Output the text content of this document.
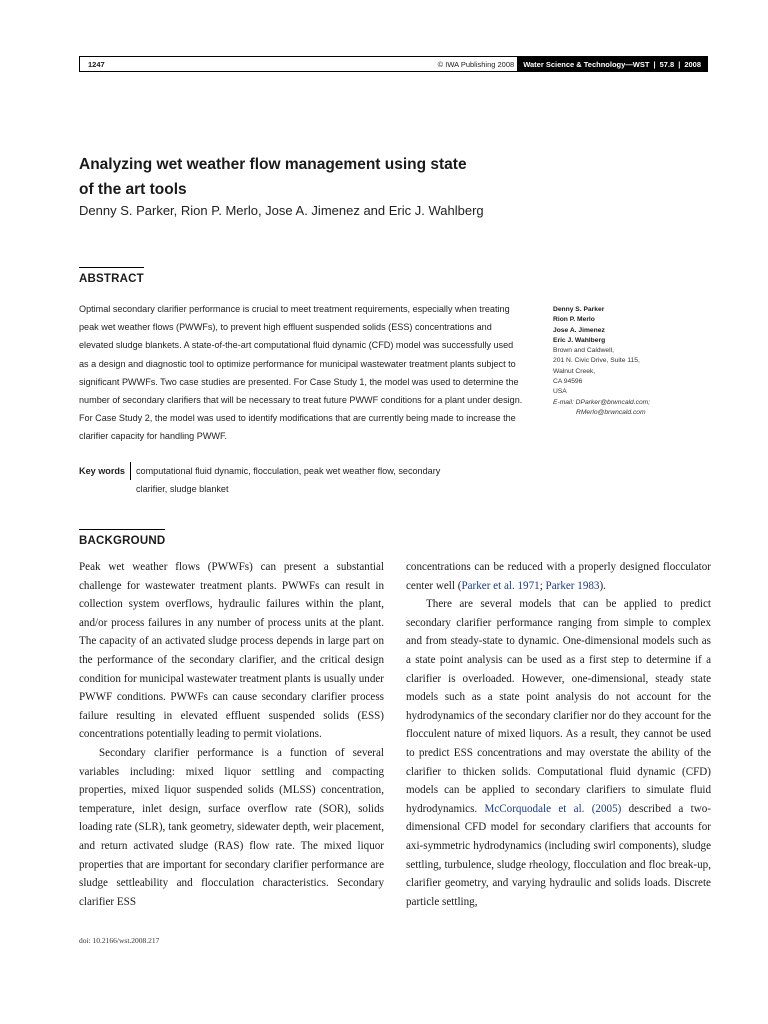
1247	© IWA Publishing 2008	Water Science & Technology—WST | 57.8 | 2008
Analyzing wet weather flow management using state
of the art tools
Denny S. Parker, Rion P. Merlo, Jose A. Jimenez and Eric J. Wahlberg
ABSTRACT

Optimal secondary clarifier performance is crucial to meet treatment requirements, especially when treating peak wet weather flows (PWWFs), to prevent high effluent suspended solids (ESS) concentrations and elevated sludge blankets. A state-of-the-art computational fluid dynamic (CFD) model was successfully used as a design and diagnostic tool to optimize performance for municipal wastewater treatment plants subject to significant PWWFs. Two case studies are presented. For Case Study 1, the model was used to determine the number of secondary clarifiers that will be necessary to treat future PWWF conditions for a plant under design. For Case Study 2, the model was used to identify modifications that are currently being made to increase the clarifier capacity for handling PWWF.

Key words	computational fluid dynamic, flocculation, peak wet weather flow, secondary
clarifier, sludge blanket
Denny S. Parker
Rion P. Merlo
Jose A. Jimenez
Eric J. Wahlberg
Brown and Caldwell,
201 N. Civic Drive, Suite 115,
Walnut Creek,
CA 94596
USA
E-mail: DParker@brwncald.com;
RMerlo@brwncald.com
BACKGROUND

Peak wet weather flows (PWWFs) can present a substantial challenge for wastewater treatment plants. PWWFs can result in collection system overflows, hydraulic failures within the plant, and/or process failures in any number of process units at the plant. The capacity of an activated sludge process depends in large part on the performance of the secondary clarifier, and the critical design condition for municipal wastewater treatment plants is usually under PWWF conditions. PWWFs can cause secondary clarifier process failure resulting in elevated effluent suspended solids (ESS) concentrations potentially leading to permit violations.

Secondary clarifier performance is a function of several variables including: mixed liquor settling and compacting properties, mixed liquor suspended solids (MLSS) concentration, temperature, inlet design, surface overflow rate (SOR), solids loading rate (SLR), tank geometry, sidewater depth, weir placement, and return activated sludge (RAS) flow rate. The mixed liquor properties that are important for secondary clarifier performance are sludge settleability and flocculation characteristics. Secondary clarifier ESS

concentrations can be reduced with a properly designed flocculator center well (Parker et al. 1971; Parker 1983).

There are several models that can be applied to predict secondary clarifier performance ranging from simple to complex and from steady-state to dynamic. One-dimensional models such as a state point analysis can be used as a first step to determine if a clarifier is overloaded. However, one-dimensional, steady state models such as a state point analysis do not account for the hydrodynamics of the secondary clarifier nor do they account for the flocculent nature of mixed liquors. As a result, they cannot be used to predict ESS concentrations and may overstate the ability of the clarifier to thicken solids. Computational fluid dynamic (CFD) models can be applied to secondary clarifiers to simulate fluid hydrodynamics. McCorquodale et al. (2005) described a two-dimensional CFD model for secondary clarifiers that accounts for axi-symmetric hydrodynamics (including swirl components), sludge settling, turbulence, sludge rheology, flocculation and floc break-up, clarifier geometry, and varying hydraulic and solids loads. Discrete particle settling,

doi: 10.2166/wst.2008.217
